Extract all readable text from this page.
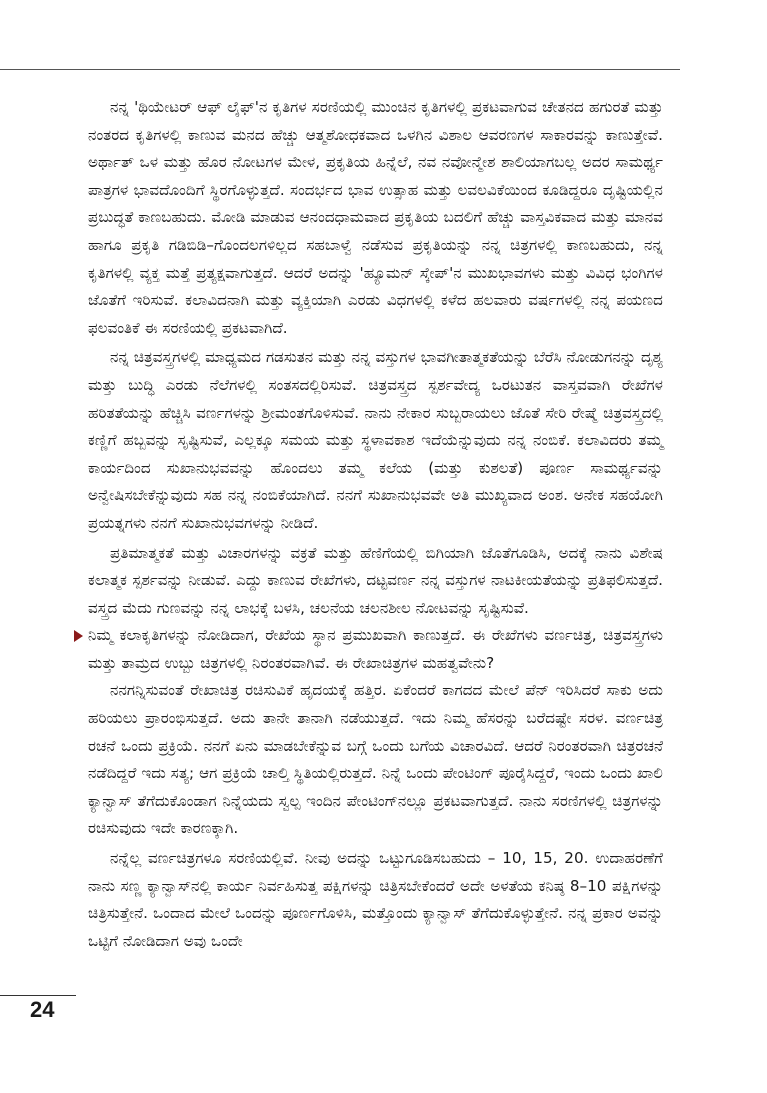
ನನ್ನ 'ಥಿಯೇಟರ್ ಆಫ್ ಲೈಫ್'ನ ಕೃತಿಗಳ ಸರಣಿಯಲ್ಲಿ ಮುಂಚಿನ ಕೃತಿಗಳಲ್ಲಿ ಪ್ರಕಟವಾಗುವ ಚೇತನದ ಹಗುರತೆ ಮತ್ತು ನಂತರದ ಕೃತಿಗಳಲ್ಲಿ ಕಾಣುವ ಮನದ ಹೆಚ್ಚು ಆತ್ಮಶೋಧಕವಾದ ಒಳಗಿನ ವಿಶಾಲ ಆವರಣಗಳ ಸಾಕಾರವನ್ನು ಕಾಣುತ್ತೇವೆ. ಅರ್ಥಾತ್ ಒಳ ಮತ್ತು ಹೊರ ನೋಟಗಳ ಮೇಳ, ಪ್ರಕೃತಿಯ ಹಿನ್ನೆಲೆ, ನವ ನವೋನ್ಮೇಶ ಶಾಲಿಯಾಗಬಲ್ಲ ಅದರ ಸಾಮರ್ಥ್ಯ ಪಾತ್ರಗಳ ಭಾವದೊಂದಿಗೆ ಸ್ಥಿರಗೊಳ್ಳುತ್ತದೆ. ಸಂದರ್ಭದ ಭಾವ ಉತ್ಸಾಹ ಮತ್ತು ಲವಲವಿಕೆಯಿಂದ ಕೂಡಿದ್ದರೂ ದೃಷ್ಟಿಯಲ್ಲಿನ ಪ್ರಬುದ್ಧತೆ ಕಾಣಬಹುದು. ಮೋಡಿ ಮಾಡುವ ಆನಂದಧಾಮವಾದ ಪ್ರಕೃತಿಯ ಬದಲಿಗೆ ಹೆಚ್ಚು ವಾಸ್ತವಿಕವಾದ ಮತ್ತು ಮಾನವ ಹಾಗೂ ಪ್ರಕೃತಿ ಗಡಿಬಿಡಿ–ಗೊಂದಲಗಳಿಲ್ಲದ ಸಹಬಾಳ್ವೆ ನಡೆಸುವ ಪ್ರಕೃತಿಯನ್ನು ನನ್ನ ಚಿತ್ರಗಳಲ್ಲಿ ಕಾಣಬಹುದು, ನನ್ನ ಕೃತಿಗಳಲ್ಲಿ ವ್ಯಕ್ತ ಮತ್ತೆ ಪ್ರತ್ಯಕ್ಷವಾಗುತ್ತದೆ. ಆದರೆ ಅದನ್ನು 'ಹ್ಯೂಮನ್ ಸ್ಕೇಪ್'ನ ಮುಖಭಾವಗಳು ಮತ್ತು ವಿವಿಧ ಭಂಗಿಗಳ ಜೊತೆಗೆ ಇರಿಸುವೆ. ಕಲಾವಿದನಾಗಿ ಮತ್ತು ವ್ಯಕ್ತಿಯಾಗಿ ಎರಡು ವಿಧಗಳಲ್ಲಿ ಕಳೆದ ಹಲವಾರು ವರ್ಷಗಳಲ್ಲಿ ನನ್ನ ಪಯಣದ ಫಲವಂತಿಕೆ ಈ ಸರಣಿಯಲ್ಲಿ ಪ್ರಕಟವಾಗಿದೆ.

ನನ್ನ ಚಿತ್ರವಸ್ತ್ರಗಳಲ್ಲಿ ಮಾಧ್ಯಮದ ಗಡಸುತನ ಮತ್ತು ನನ್ನ ವಸ್ತುಗಳ ಭಾವಗೀತಾತ್ಮಕತೆಯನ್ನು ಬೆರೆಸಿ ನೋಡುಗನನ್ನು ದೃಶ್ಯ ಮತ್ತು ಬುದ್ಧಿ ಎರಡು ನೆಲೆಗಳಲ್ಲಿ ಸಂತಸದಲ್ಲಿರಿಸುವೆ. ಚಿತ್ರವಸ್ತ್ರದ ಸ್ಪರ್ಶವೇದ್ಯ ಒರಟುತನ ವಾಸ್ತವವಾಗಿ ರೇಖೆಗಳ ಹರಿತತೆಯನ್ನು ಹೆಚ್ಚಿಸಿ ವರ್ಣಗಳನ್ನು ಶ್ರೀಮಂತಗೊಳಿಸುವೆ. ನಾನು ನೇಕಾರ ಸುಬ್ಬರಾಯಲು ಜೊತೆ ಸೇರಿ ರೇಷ್ಮೆ ಚಿತ್ರವಸ್ತ್ರದಲ್ಲಿ ಕಣ್ಣಿಗೆ ಹಬ್ಬವನ್ನು ಸೃಷ್ಟಿಸುವೆ, ಎಲ್ಲಕ್ಕೂ ಸಮಯ ಮತ್ತು ಸ್ಥಳಾವಕಾಶ ಇದೆಯೆನ್ನುವುದು ನನ್ನ ನಂಬಿಕೆ. ಕಲಾವಿದರು ತಮ್ಮ ಕಾರ್ಯದಿಂದ ಸುಖಾನುಭವವನ್ನು ಹೊಂದಲು ತಮ್ಮ ಕಲೆಯ (ಮತ್ತು ಕುಶಲತೆ) ಪೂರ್ಣ ಸಾಮರ್ಥ್ಯವನ್ನು ಅನ್ವೇಷಿಸಬೇಕೆನ್ನುವುದು ಸಹ ನನ್ನ ನಂಬಿಕೆಯಾಗಿದೆ. ನನಗೆ ಸುಖಾನುಭವವೇ ಅತಿ ಮುಖ್ಯವಾದ ಅಂಶ. ಅನೇಕ ಸಹಯೋಗಿ ಪ್ರಯತ್ನಗಳು ನನಗೆ ಸುಖಾನುಭವಗಳನ್ನು ನೀಡಿದೆ.

ಪ್ರತಿಮಾತ್ಮಕತೆ ಮತ್ತು ವಿಚಾರಗಳನ್ನು ವಕ್ರತೆ ಮತ್ತು ಹೆಣಿಗೆಯಲ್ಲಿ ಬಿಗಿಯಾಗಿ ಜೊತೆಗೂಡಿಸಿ, ಅದಕ್ಕೆ ನಾನು ವಿಶೇಷ ಕಲಾತ್ಮಕ ಸ್ಪರ್ಶವನ್ನು ನೀಡುವೆ. ಎದ್ದು ಕಾಣುವ ರೇಖೆಗಳು, ದಟ್ಟವರ್ಣ ನನ್ನ ವಸ್ತುಗಳ ನಾಟಕೀಯತೆಯನ್ನು ಪ್ರತಿಫಲಿಸುತ್ತದೆ. ವಸ್ತ್ರದ ಮೆದು ಗುಣವನ್ನು ನನ್ನ ಲಾಭಕ್ಕೆ ಬಳಸಿ, ಚಲನೆಯ ಚಲನಶೀಲ ನೋಟವನ್ನು ಸೃಷ್ಟಿಸುವೆ.

ನಿಮ್ಮ ಕಲಾಕೃತಿಗಳನ್ನು ನೋಡಿದಾಗ, ರೇಖೆಯ ಸ್ಥಾನ ಪ್ರಮುಖವಾಗಿ ಕಾಣುತ್ತದೆ. ಈ ರೇಖೆಗಳು ವರ್ಣಚಿತ್ರ, ಚಿತ್ರವಸ್ತ್ರಗಳು ಮತ್ತು ತಾಮ್ರದ ಉಬ್ಬು ಚಿತ್ರಗಳಲ್ಲಿ ನಿರಂತರವಾಗಿವೆ. ಈ ರೇಖಾಚಿತ್ರಗಳ ಮಹತ್ವವೇನು?

ನನಗನ್ನಿಸುವಂತೆ ರೇಖಾಚಿತ್ರ ರಚಿಸುವಿಕೆ ಹೃದಯಕ್ಕೆ ಹತ್ತಿರ. ಏಕೆಂದರೆ ಕಾಗದದ ಮೇಲೆ ಪೆನ್ ಇರಿಸಿದರೆ ಸಾಕು ಅದು ಹರಿಯಲು ಪ್ರಾರಂಭಿಸುತ್ತದೆ. ಅದು ತಾನೇ ತಾನಾಗಿ ನಡೆಯುತ್ತದೆ. ಇದು ನಿಮ್ಮ ಹೆಸರನ್ನು ಬರೆದಷ್ಟೇ ಸರಳ. ವರ್ಣಚಿತ್ರ ರಚನೆ ಒಂದು ಪ್ರಕ್ರಿಯೆ. ನನಗೆ ಏನು ಮಾಡಬೇಕೆನ್ನುವ ಬಗ್ಗೆ ಒಂದು ಬಗೆಯ ವಿಚಾರವಿದೆ. ಆದರೆ ನಿರಂತರವಾಗಿ ಚಿತ್ರರಚನೆ ನಡೆದಿದ್ದರೆ ಇದು ಸತ್ಯ; ಆಗ ಪ್ರಕ್ರಿಯೆ ಚಾಲ್ತಿ ಸ್ಥಿತಿಯಲ್ಲಿರುತ್ತದೆ. ನಿನ್ನೆ ಒಂದು ಪೇಂಟಿಂಗ್ ಪೂರೈಸಿದ್ದರೆ, ಇಂದು ಒಂದು ಖಾಲಿ ಕ್ಯಾನ್ವಾಸ್ ತೆಗೆದುಕೊಂಡಾಗ ನಿನ್ನೆಯದು ಸ್ವಲ್ಪ ಇಂದಿನ ಪೇಂಟಿಂಗ್‌ನಲ್ಲೂ ಪ್ರಕಟವಾಗುತ್ತದೆ. ನಾನು ಸರಣಿಗಳಲ್ಲಿ ಚಿತ್ರಗಳನ್ನು ರಚಿಸುವುದು ಇದೇ ಕಾರಣಕ್ಕಾಗಿ.

ನನ್ನೆಲ್ಲ ವರ್ಣಚಿತ್ರಗಳೂ ಸರಣಿಯಲ್ಲಿವೆ. ನೀವು ಅದನ್ನು ಒಟ್ಟುಗೂಡಿಸಬಹುದು – 10, 15, 20. ಉದಾಹರಣೆಗೆ ನಾನು ಸಣ್ಣ ಕ್ಯಾನ್ವಾಸ್‌ನಲ್ಲಿ ಕಾರ್ಯ ನಿರ್ವಹಿಸುತ್ತ ಪಕ್ಷಿಗಳನ್ನು ಚಿತ್ರಿಸಬೇಕೆಂದರೆ ಅದೇ ಅಳತೆಯ ಕನಿಷ್ಠ 8–10 ಪಕ್ಷಿಗಳನ್ನು ಚಿತ್ರಿಸುತ್ತೇನೆ. ಒಂದಾದ ಮೇಲೆ ಒಂದನ್ನು ಪೂರ್ಣಗೊಳಿಸಿ, ಮತ್ತೊಂದು ಕ್ಯಾನ್ವಾಸ್ ತೆಗೆದುಕೊಳ್ಳುತ್ತೇನೆ. ನನ್ನ ಪ್ರಕಾರ ಅವನ್ನು ಒಟ್ಟಿಗೆ ನೋಡಿದಾಗ ಅವು ಒಂದೇ

24
